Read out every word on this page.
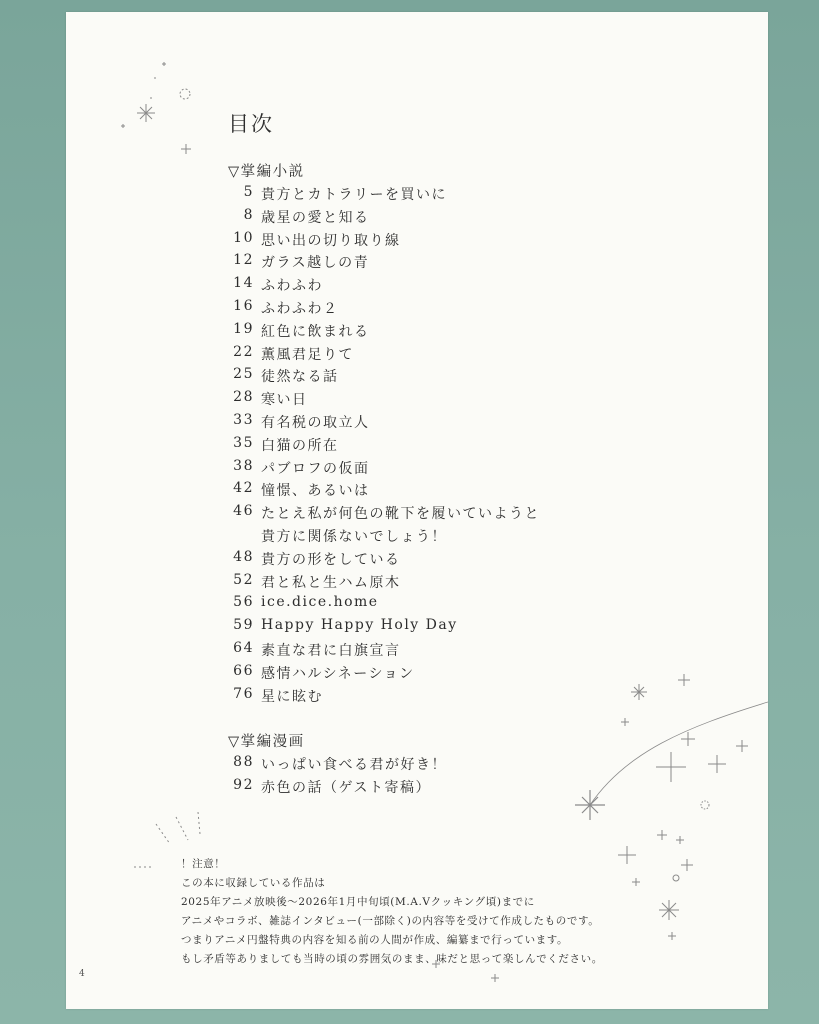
目次
▽掌編小説
5 貴方とカトラリーを買いに
8 歳星の愛と知る
10 思い出の切り取り線
12 ガラス越しの青
14 ふわふわ
16 ふわふわ２
19 紅色に飲まれる
22 薫風君足りて
25 徒然なる話
28 寒い日
33 有名税の取立人
35 白猫の所在
38 パブロフの仮面
42 憧憬、あるいは
46 たとえ私が何色の靴下を履いていようと
貴方に関係ないでしょう！
48 貴方の形をしている
52 君と私と生ハム原木
56 ice.dice.home
59 Happy Happy Holy Day
64 素直な君に白旗宣言
66 感情ハルシネーション
76 星に眩む
▽掌編漫画
88 いっぱい食べる君が好き！
92 赤色の話（ゲスト寄稿）
！注意！
この本に収録している作品は
2025年アニメ放映後〜2026年1月中旬頃(M.A.Vクッキング頃)までに
アニメやコラボ、雑誌インタビュー(一部除く)の内容等を受けて作成したものです。
つまりアニメ円盤特典の内容を知る前の人間が作成、編纂まで行っています。
もし矛盾等ありましても当時の頃の雰囲気のまま、味だと思って楽しんでください。
4
